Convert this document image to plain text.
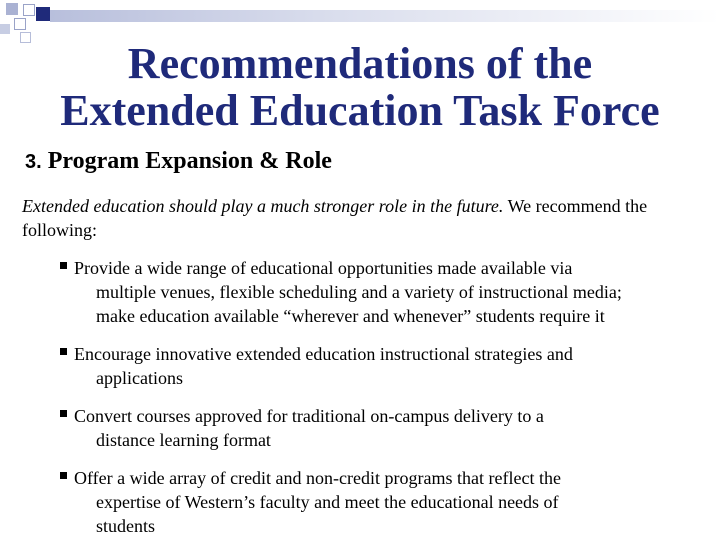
Recommendations of the
Extended Education Task Force
3. Program Expansion & Role
Extended education should play a much stronger role in the future. We recommend the following:
Provide a wide range of educational opportunities made available via
multiple venues, flexible scheduling and a variety of instructional media;
make education available “wherever and whenever” students require it
Encourage innovative extended education instructional strategies and
applications
Convert courses approved for traditional on-campus delivery to a
distance learning format
Offer a wide array of credit and non-credit programs that reflect the
expertise of Western’s faculty and meet the educational needs of
students
